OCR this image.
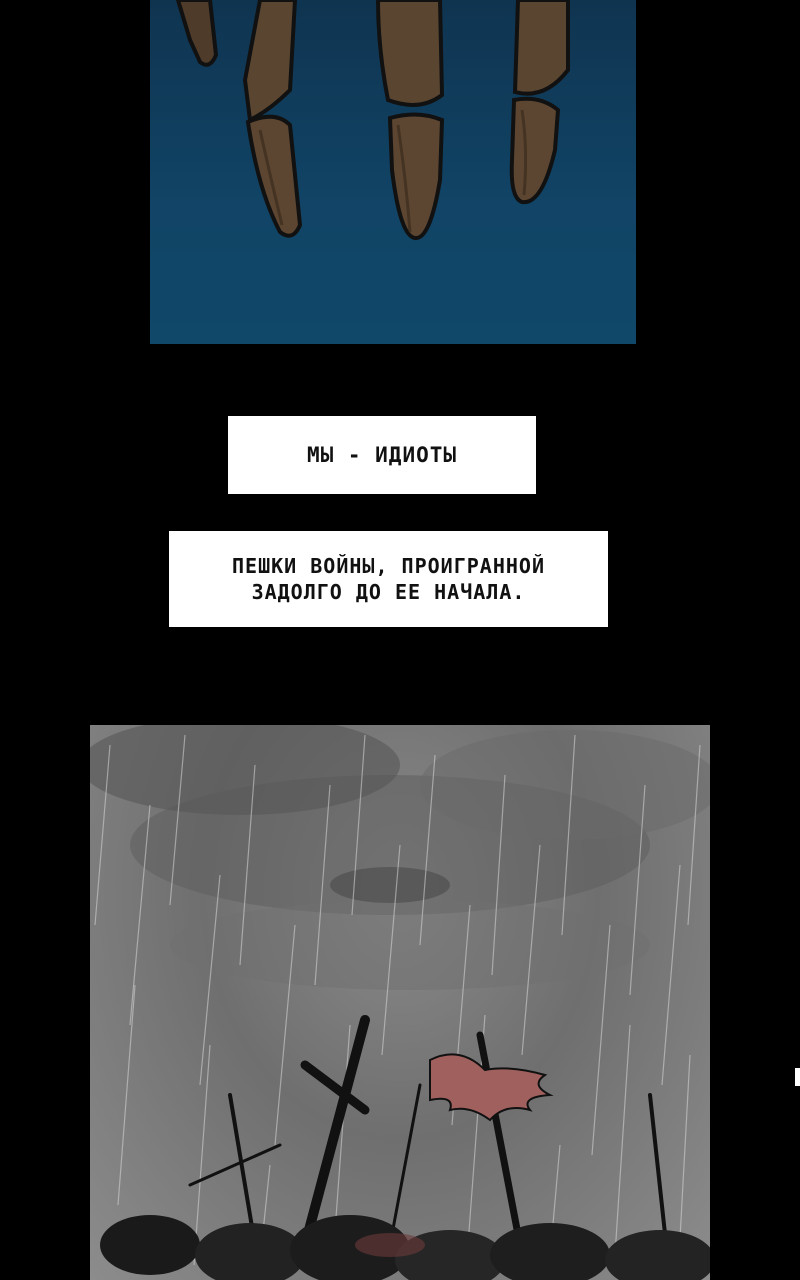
МЫ - ИДИОТЫ
ПЕШКИ ВОЙНЫ, ПРОИГРАННОЙ
ЗАДОЛГО ДО ЕЕ НАЧАЛА.
